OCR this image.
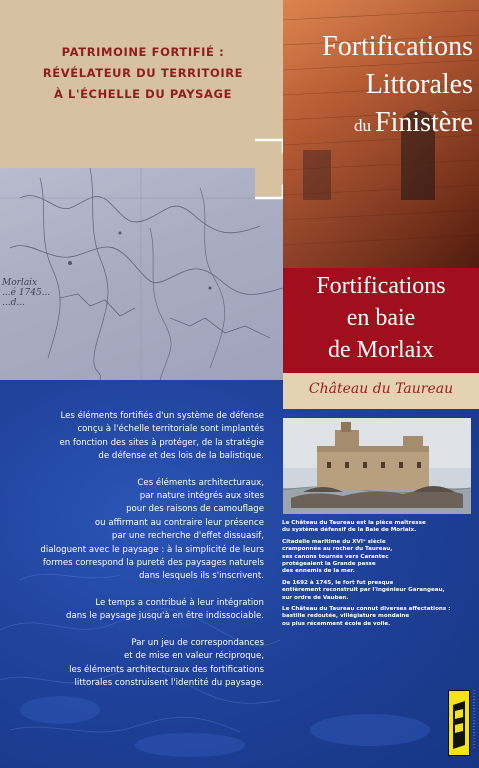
PATRIMOINE FORTIFIÉ :
RÉVÉLATEUR DU TERRITOIRE
À L'ÉCHELLE DU PAYSAGE
Morlaix
...é 1745...
...d...
Fortifications
Littorales
du Finistère
Fortifications
en baie
de Morlaix
Château du Taureau

Les éléments fortifiés d'un système de défense
conçu à l'échelle territoriale sont implantés
en fonction des sites à protéger, de la stratégie
de défense et des lois de la balistique.

Ces éléments architecturaux,
par nature intégrés aux sites
pour des raisons de camouflage
ou affirmant au contraire leur présence
par une recherche d'effet dissuasif,
dialoguent avec le paysage : à la simplicité de leurs
formes correspond la pureté des paysages naturels
dans lesquels ils s'inscrivent.

Le temps a contribué à leur intégration
dans le paysage jusqu'à en être indissociable.

Par un jeu de correspondances
et de mise en valeur réciproque,
les éléments architecturaux des fortifications
littorales construisent l'identité du paysage.

Le Château du Taureau est la pièce maîtresse
du système défensif de la Baie de Morlaix.

Citadelle maritime du XVIᵉ siècle
cramponnée au rocher du Taureau,
ses canons tournés vers Carantec
protégeaient la Grande passe
des ennemis de la mer.

De 1692 à 1745, le fort fut presque
entièrement reconstruit par l'ingénieur Garangeau,
sur ordre de Vauban.

Le Château du Taureau connut diverses affectations :
bastille redoutée, villégiature mondaine
ou plus récemment école de voile.
